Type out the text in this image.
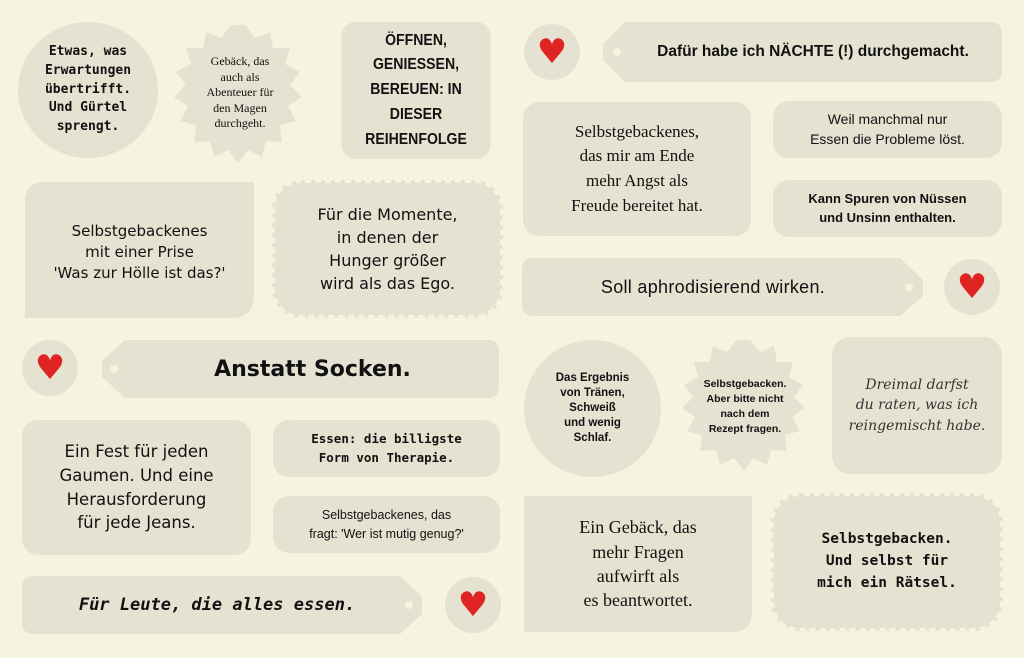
Etwas, was
Erwartungen
übertrifft.
Und Gürtel
sprengt.
Gebäck, das
auch als
Abenteuer für
den Magen
durchgeht.
ÖFFNEN, GENIESSEN,
BEREUEN: IN
DIESER REIHENFOLGE
♥	Dafür habe ich NÄCHTE (!) durchgemacht.
Selbstgebackenes,
das mir am Ende
mehr Angst als
Freude bereitet hat.
Weil manchmal nur
Essen die Probleme löst.
Kann Spuren von Nüssen
und Unsinn enthalten.
Selbstgebackenes
mit einer Prise
'Was zur Hölle ist das?'
Für die Momente,
in denen der
Hunger größer
wird als das Ego.	Soll aphrodisierend wirken.	♥
♥	Anstatt Socken.	Das Ergebnis
von Tränen,
Schweiß
und wenig
Schlaf.
Selbstgebacken.
Aber bitte nicht
nach dem
Rezept fragen.
Dreimal darfst
du raten, was ich
reingemischt habe.
Ein Fest für jeden
Gaumen. Und eine
Herausforderung
für jede Jeans.
Essen: die billigste
Form von Therapie.
Selbstgebackenes, das
fragt: 'Wer ist mutig genug?'	Ein Gebäck, das
mehr Fragen
aufwirft als
es beantwortet.
Selbstgebacken.
Und selbst für
mich ein Rätsel.
Für Leute, die alles essen.	♥
